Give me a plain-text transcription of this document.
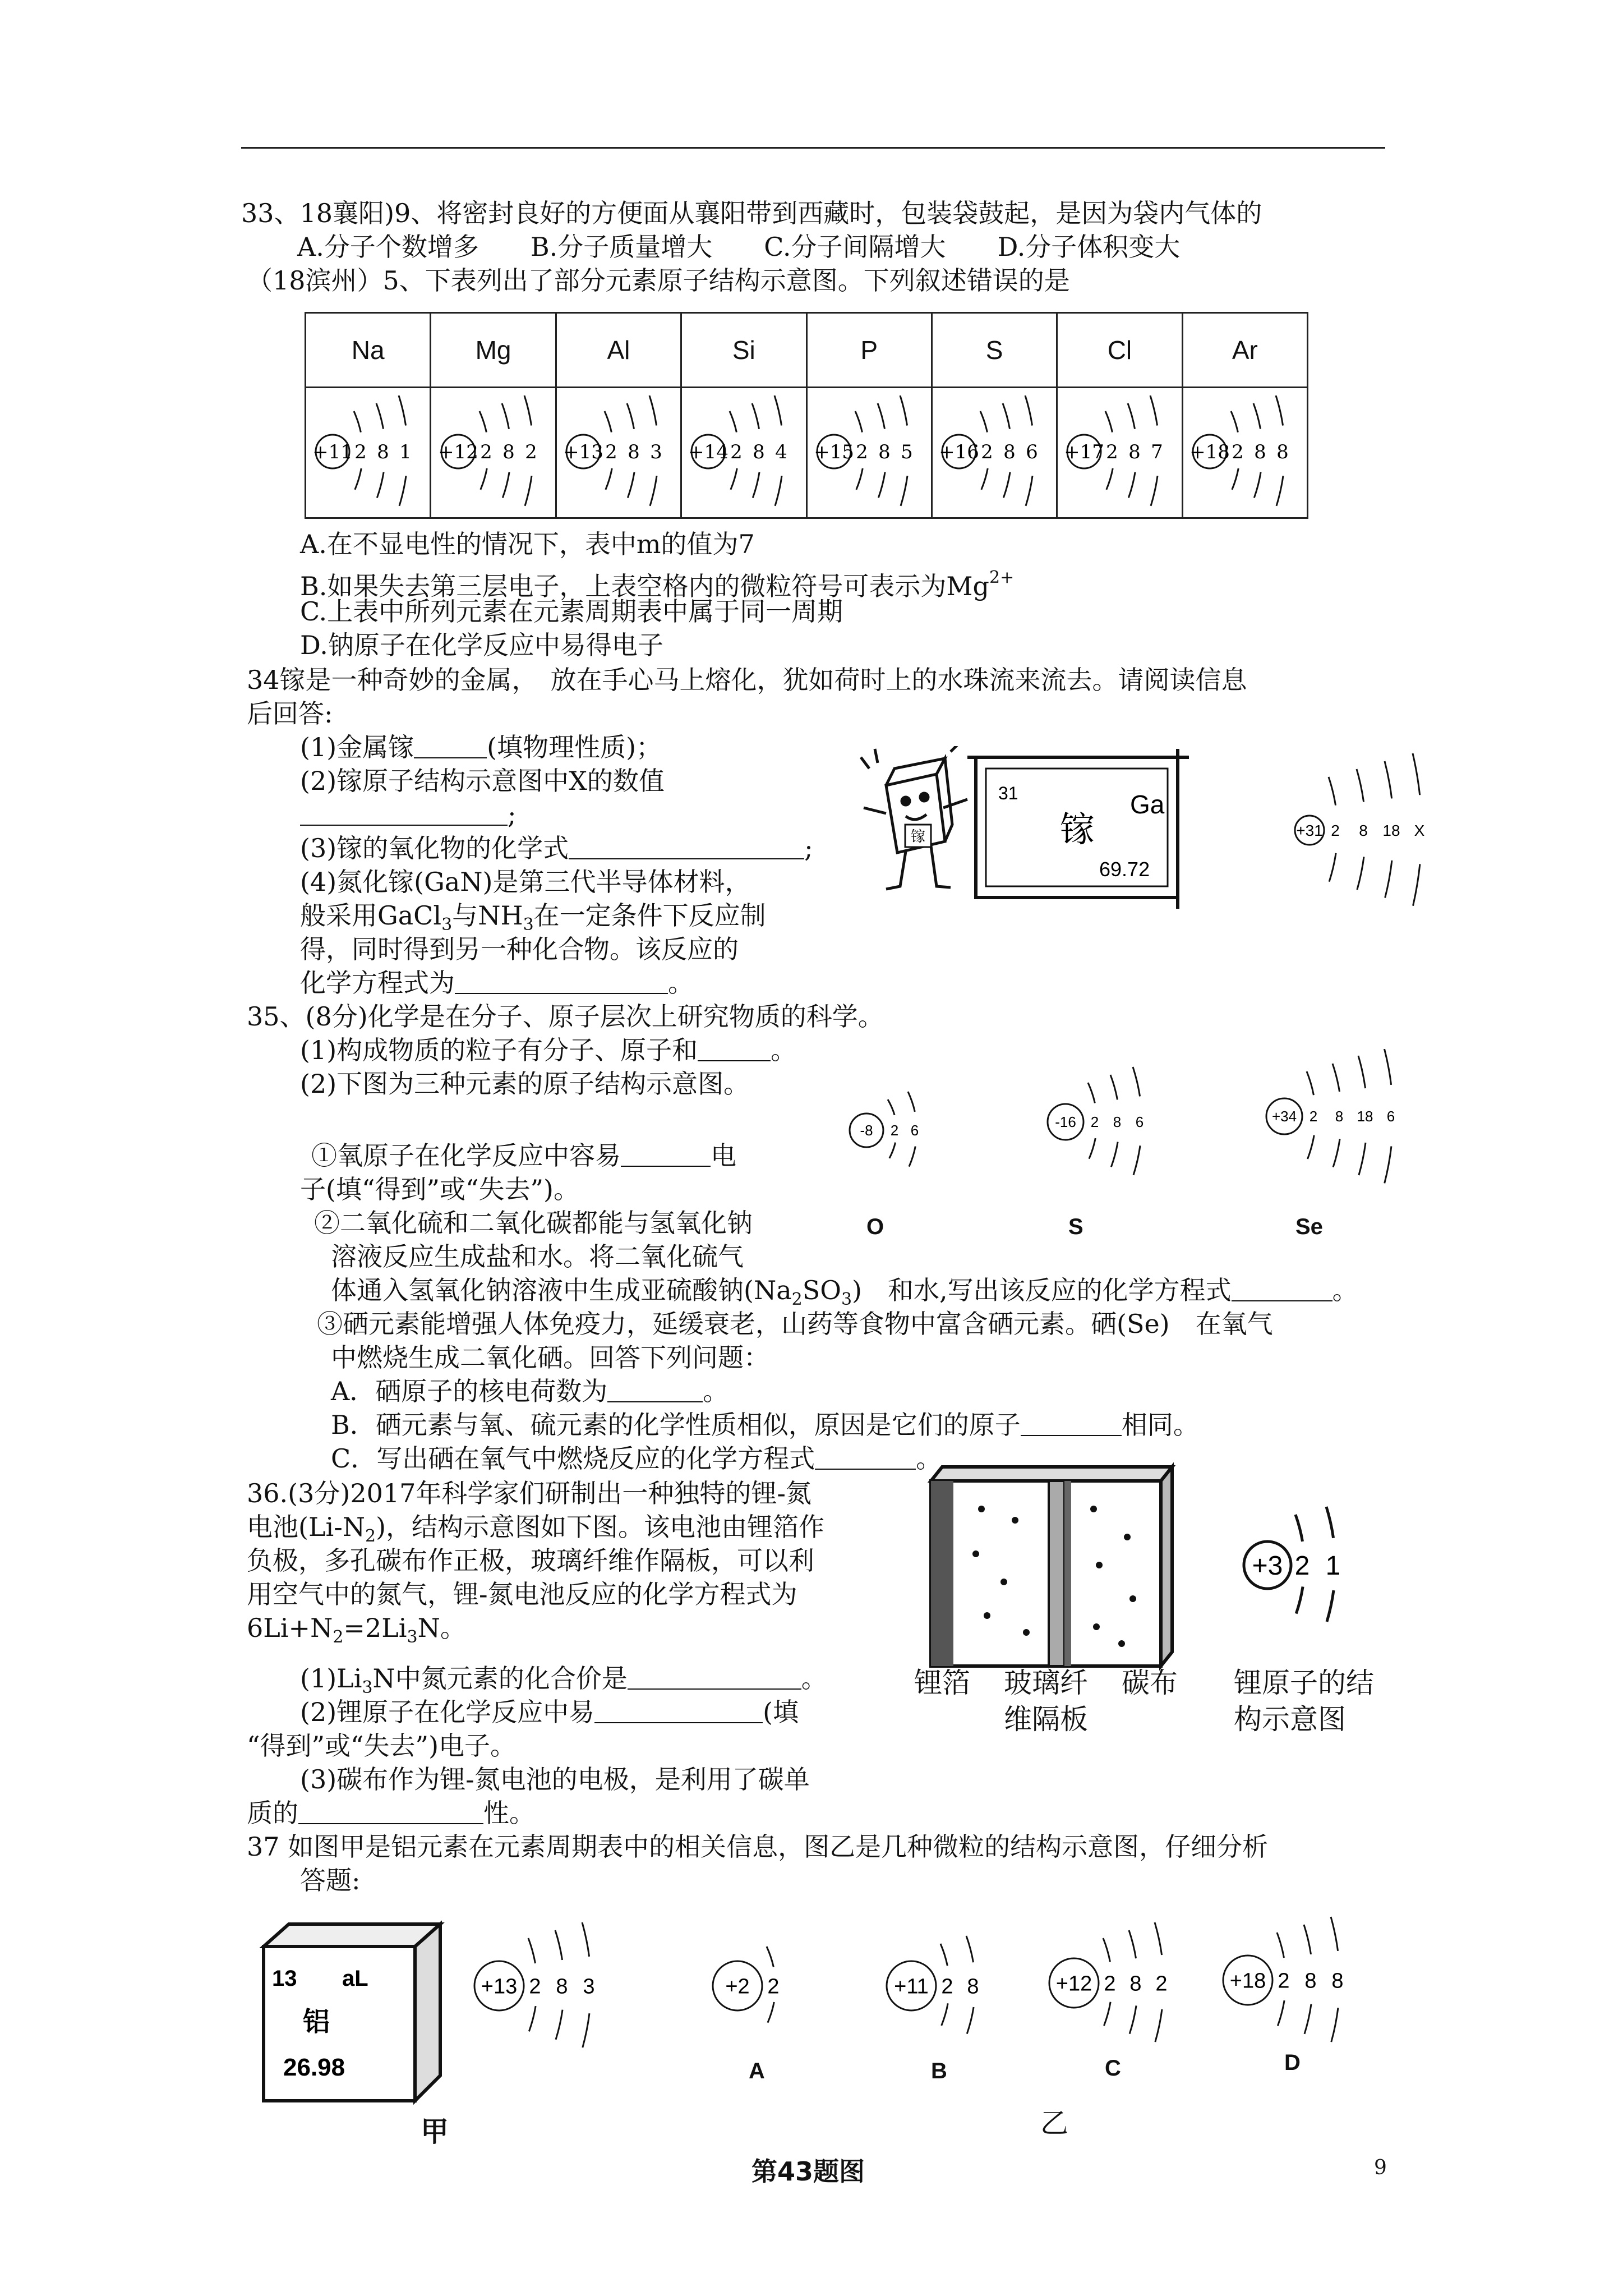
33、18襄阳)9、将密封良好的方便面从襄阳带到西藏时，包装袋鼓起，是因为袋内气体的
A.分子个数增多　　B.分子质量增大　　C.分子间隔增大　　D.分子体积变大
（18滨州）5、下表列出了部分元素原子结构示意图。下列叙述错误的是
Na	Mg	Al	Si	P	S	Cl	Ar

+11 2 8 1	+12 2 8 2	+13 2 8 3	+14 2 8 4	+15 2 8 5	+16 2 8 6	+17 2 8 7	+18 2 8 8
A.在不显电性的情况下，表中m的值为7
B.如果失去第三层电子，上表空格内的微粒符号可表示为$Mg^{2+}$
C.上表中所列元素在元素周期表中属于同一周期
D.钠原子在化学反应中易得电子
34镓是一种奇妙的金属，　放在手心马上熔化，犹如荷时上的水珠流来流去。请阅读信息
后回答:
(1)金属镓	(填物理性质)；
(2)镓原子结构示意图中X的数值
;
(3)镓的氧化物的化学式	;
(4)氮化镓(GaN)是第三代半导体材料，
般采用GaCl$_3$与$NH_3$在一定条件下反应制
得，同时得到另一种化合物。该反应的
化学方程式为	。
镓
31
镓
Ga
69.72
+31 2 8 18 X
35、(8分)化学是在分子、原子层次上研究物质的科学。
(1)构成物质的粒子有分子、原子和	。
(2)下图为三种元素的原子结构示意图。
①氧原子在化学反应中容易	电
子(填“得到”或“失去”)。
②二氧化硫和二氧化碳都能与氢氧化钠
溶液反应生成盐和水。将二氧化硫气
体通入氢氧化钠溶液中生成亚硫酸钠$(Na_2SO_3)$　和水,写出该反应的化学方程式	。
③硒元素能增强人体免疫力，延缓衰老，山药等食物中富含硒元素。硒(Se)　在氧气
中燃烧生成二氧化硒。回答下列问题：
A．硒原子的核电荷数为	。
B．硒元素与氧、硫元素的化学性质相似，原因是它们的原子	相同。
C．写出硒在氧气中燃烧反应的化学方程式	。
-8 2 6	-16 2 8 6	+34 2 8 18 6
O	S	Se
36.(3分)2017年科学家们研制出一种独特的锂-氮
电池$(Li-N_2)$，结构示意图如下图。该电池由锂箔作
负极，多孔碳布作正极，玻璃纤维作隔板，可以利
用空气中的氮气，锂-氮电池反应的化学方程式为
$6Li+N_2=2Li_3N$。
$(1)Li_3N$中氮元素的化合价是	。
(2)锂原子在化学反应中易	(填
“得到”或“失去”)电子。
(3)碳布作为锂-氮电池的电极，是利用了碳单
质的	性。
+3 2 1
锂箔 玻璃纤
维隔板
碳布 锂原子的结
构示意图
37 如图甲是铝元素在元素周期表中的相关信息，图乙是几种微粒的结构示意图，仔细分析
答题:
13 aL
铝
26.98
+13 2 8 3	+2 2	+11 2 8	+12 2 8 2	+18 2 8 8
A	B	C	D
甲	乙
第43题图	9
